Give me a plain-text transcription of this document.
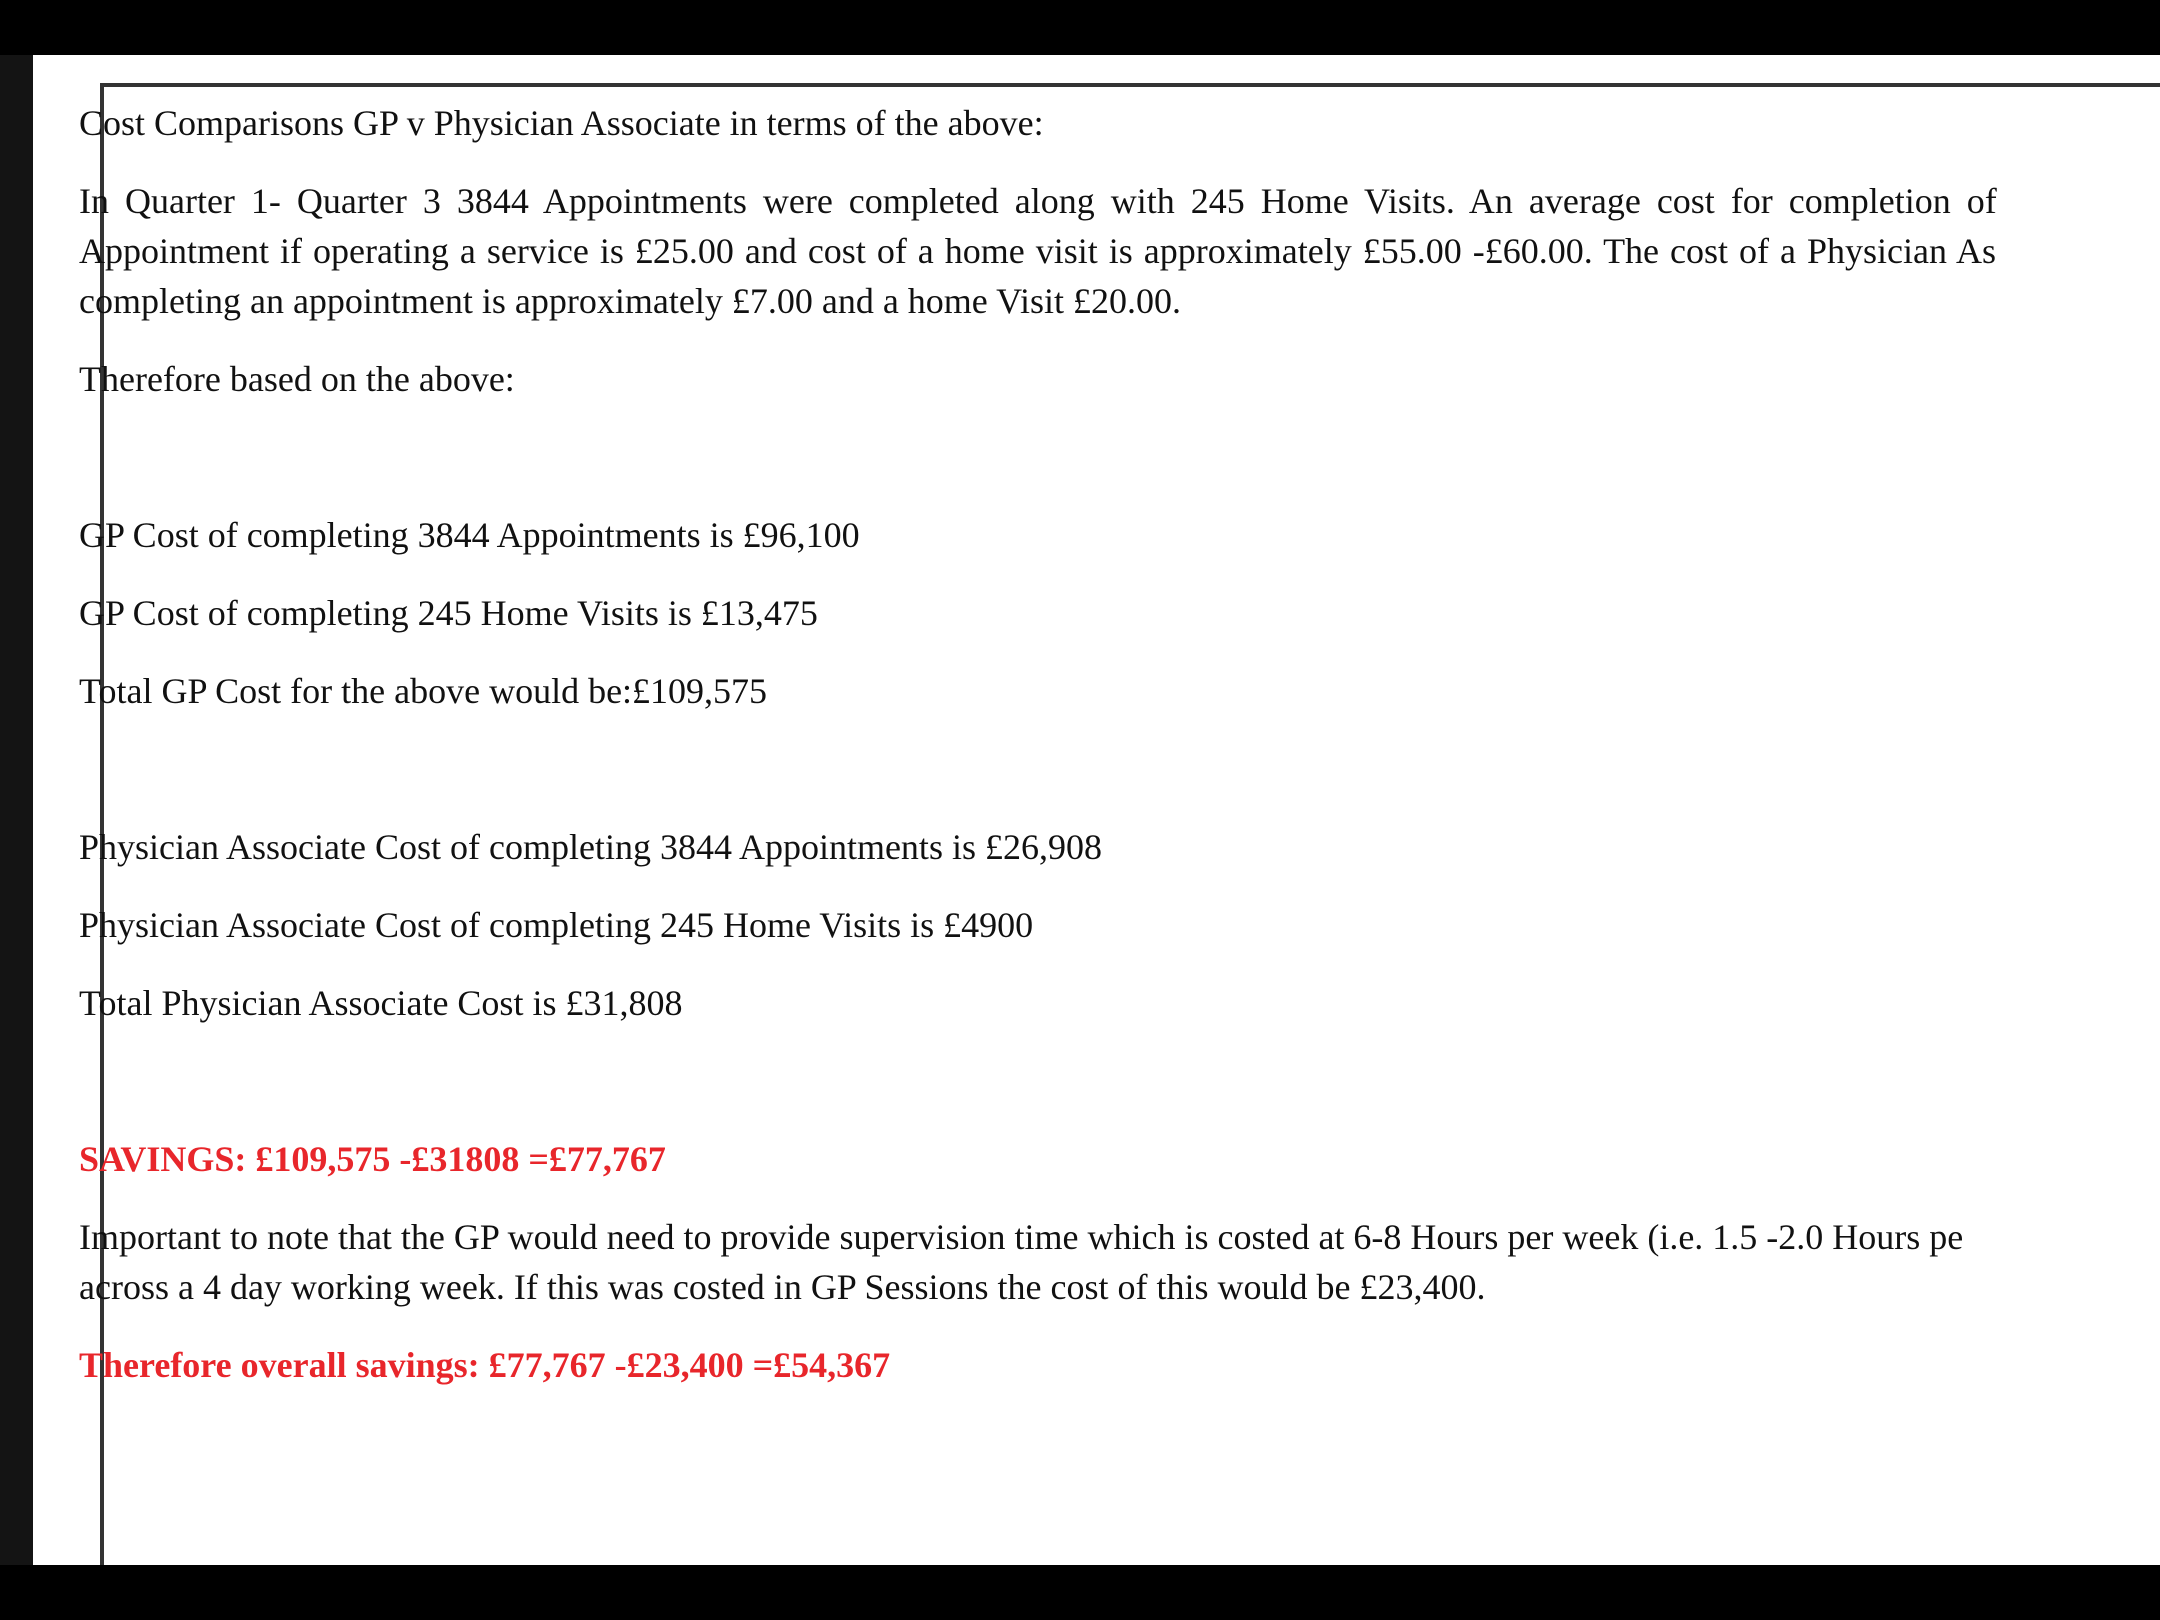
Cost Comparisons GP v Physician Associate in terms of the above:
In Quarter 1- Quarter 3 3844 Appointments were completed along with 245 Home Visits. An average cost for completion of
Appointment if operating a service is £25.00 and cost of a home visit is approximately £55.00 -£60.00. The cost of a Physician As
completing an appointment is approximately £7.00 and a home Visit £20.00.
Therefore based on the above:
GP Cost of completing 3844 Appointments is £96,100
GP Cost of completing 245 Home Visits is £13,475
Total GP Cost for the above would be:£109,575
Physician Associate Cost of completing 3844 Appointments is £26,908
Physician Associate Cost of completing 245 Home Visits is £4900
Total Physician Associate Cost is £31,808
SAVINGS: £109,575 -£31808 =£77,767
Important to note that the GP would need to provide supervision time which is costed at 6-8 Hours per week (i.e. 1.5 -2.0 Hours pe
across a 4 day working week. If this was costed in GP Sessions the cost of this would be £23,400.
Therefore overall savings: £77,767 -£23,400 =£54,367
